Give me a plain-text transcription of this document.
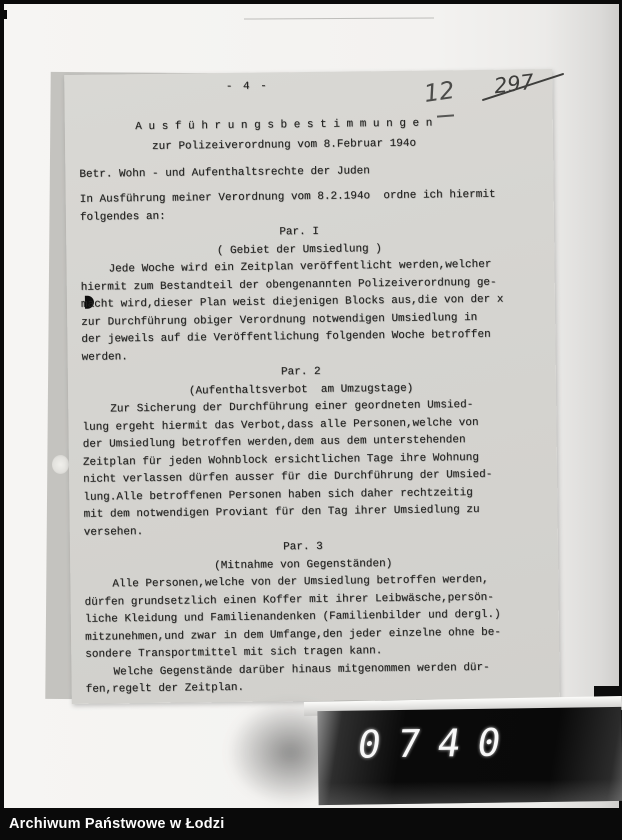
- 4 -
A u s f ü h r u n g s b e s t i m m u n g e n
zur Polizeiverordnung vom 8.Februar 194o
Betr. Wohn - und Aufenthaltsrechte der Juden
In Ausführung meiner Verordnung vom 8.2.194o  ordne ich hiermit
folgendes an:
Par. I
( Gebiet der Umsiedlung )
Jede Woche wird ein Zeitplan veröffentlicht werden,welcher
hiermit zum Bestandteil der obengenannten Polizeiverordnung ge-
macht wird,dieser Plan weist diejenigen Blocks aus,die von der x
zur Durchführung obiger Verordnung notwendigen Umsiedlung in
der jeweils auf die Veröffentlichung folgenden Woche betroffen
werden.
Par. 2
(Aufenthaltsverbot  am Umzugstage)
Zur Sicherung der Durchführung einer geordneten Umsied-
lung ergeht hiermit das Verbot,dass alle Personen,welche von
der Umsiedlung betroffen werden,dem aus dem unterstehenden
Zeitplan für jeden Wohnblock ersichtlichen Tage ihre Wohnung
nicht verlassen dürfen ausser für die Durchführung der Umsied-
lung.Alle betroffenen Personen haben sich daher rechtzeitig
mit dem notwendigen Proviant für den Tag ihrer Umsiedlung zu
versehen.
Par. 3
(Mitnahme von Gegenständen)
Alle Personen,welche von der Umsiedlung betroffen werden,
dürfen grundsetzlich einen Koffer mit ihrer Leibwäsche,persön-
liche Kleidung und Familienandenken (Familienbilder und dergl.)
mitzunehmen,und zwar in dem Umfange,den jeder einzelne ohne be-
sondere Transportmittel mit sich tragen kann.
Welche Gegenstände darüber hinaus mitgenommen werden dür-
fen,regelt der Zeitplan.
12 297
0740
Archiwum Państwowe w Łodzi
